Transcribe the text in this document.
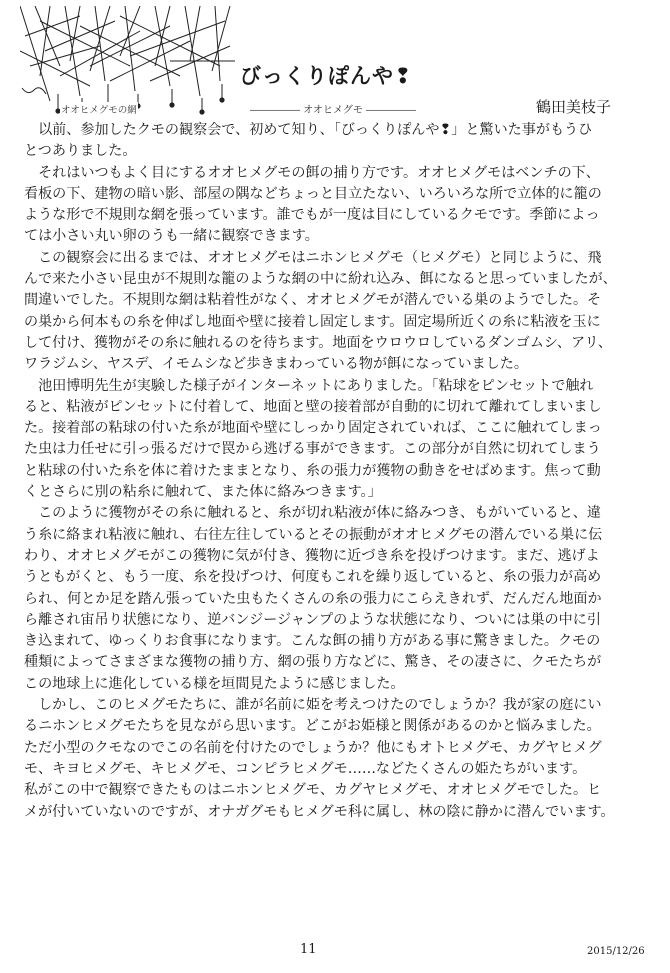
オオヒメグモの網
びっくりぽんや❢
――――― オオヒメグモ ―――――	鶴田美枝子
　以前、参加したクモの観察会で、初めて知り、「びっくりぽんや❢」と驚いた事がもうひ
とつありました。
　それはいつもよく目にするオオヒメグモの餌の捕り方です。オオヒメグモはベンチの下、
看板の下、建物の暗い影、部屋の隅などちょっと目立たない、いろいろな所で立体的に籠の
ような形で不規則な網を張っています。誰でもが一度は目にしているクモです。季節によっ
ては小さい丸い卵のうも一緒に観察できます。
　この観察会に出るまでは、オオヒメグモはニホンヒメグモ（ヒメグモ）と同じように、飛
んで来た小さい昆虫が不規則な籠のような網の中に紛れ込み、餌になると思っていましたが、
間違いでした。不規則な網は粘着性がなく、オオヒメグモが潜んでいる巣のようでした。そ
の巣から何本もの糸を伸ばし地面や壁に接着し固定します。固定場所近くの糸に粘液を玉に
して付け、獲物がその糸に触れるのを待ちます。地面をウロウロしているダンゴムシ、アリ、
ワラジムシ、ヤスデ、イモムシなど歩きまわっている物が餌になっていました。
　池田博明先生が実験した様子がインターネットにありました。「粘球をピンセットで触れ
ると、粘液がピンセットに付着して、地面と壁の接着部が自動的に切れて離れてしまいまし
た。接着部の粘球の付いた糸が地面や壁にしっかり固定されていれば、ここに触れてしまっ
た虫は力任せに引っ張るだけで罠から逃げる事ができます。この部分が自然に切れてしまう
と粘球の付いた糸を体に着けたままとなり、糸の張力が獲物の動きをせばめます。焦って動
くとさらに別の粘糸に触れて、また体に絡みつきます。」
　このように獲物がその糸に触れると、糸が切れ粘液が体に絡みつき、もがいていると、違
う糸に絡まれ粘液に触れ、右往左往しているとその振動がオオヒメグモの潜んでいる巣に伝
わり、オオヒメグモがこの獲物に気が付き、獲物に近づき糸を投げつけます。まだ、逃げよ
うともがくと、もう一度、糸を投げつけ、何度もこれを繰り返していると、糸の張力が高め
られ、何とか足を踏ん張っていた虫もたくさんの糸の張力にこらえきれず、だんだん地面か
ら離され宙吊り状態になり、逆バンジージャンプのような状態になり、ついには巣の中に引
き込まれて、ゆっくりお食事になります。こんな餌の捕り方がある事に驚きました。クモの
種類によってさまざまな獲物の捕り方、網の張り方などに、驚き、その凄さに、クモたちが
この地球上に進化している様を垣間見たように感じました。
　しかし、このヒメグモたちに、誰が名前に姫を考えつけたのでしょうか？我が家の庭にい
るニホンヒメグモたちを見ながら思います。どこがお姫様と関係があるのかと悩みました。
ただ小型のクモなのでこの名前を付けたのでしょうか？他にもオトヒメグモ、カグヤヒメグ
モ、キヨヒメグモ、キヒメグモ、コンピラヒメグモ……などたくさんの姫たちがいます。
私がこの中で観察できたものはニホンヒメグモ、カグヤヒメグモ、オオヒメグモでした。ヒ
メが付いていないのですが、オナガグモもヒメグモ科に属し、林の陰に静かに潜んでいます。
11	2015/12/26
